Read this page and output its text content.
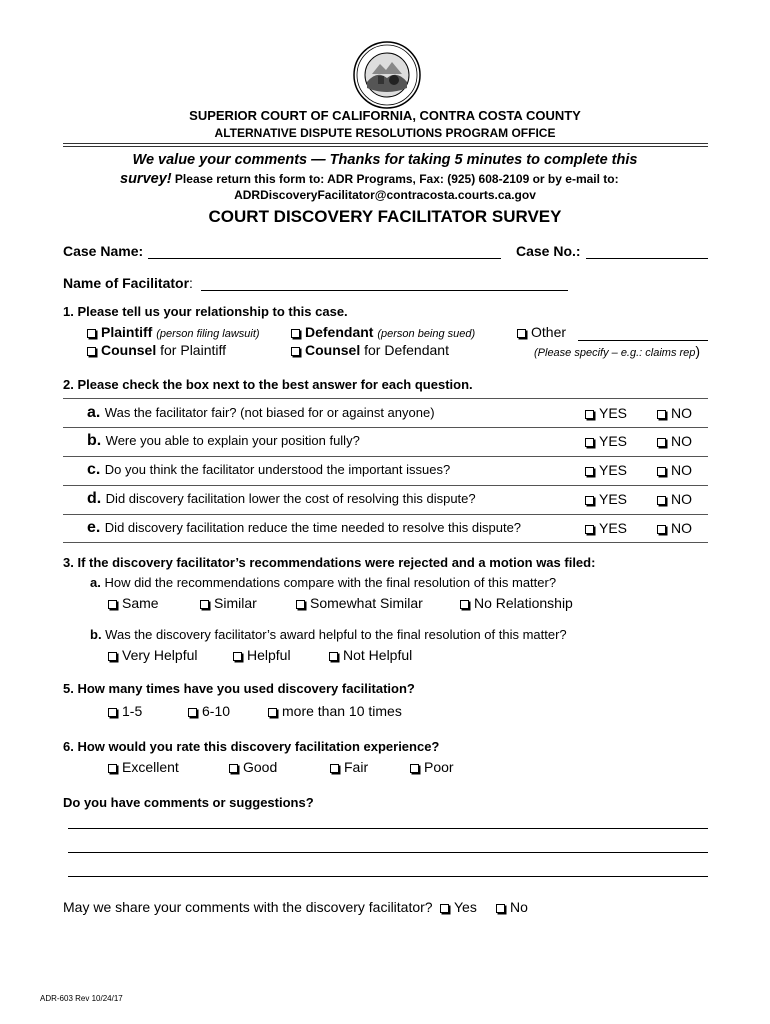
SUPERIOR COURT OF CALIFORNIA, CONTRA COSTA COUNTY
ALTERNATIVE DISPUTE RESOLUTIONS PROGRAM OFFICE
We value your comments — Thanks for taking 5 minutes to complete this
survey! Please return this form to: ADR Programs, Fax: (925) 608-2109 or by e-mail to:
ADRDiscoveryFacilitator@contracosta.courts.ca.gov
COURT DISCOVERY FACILITATOR SURVEY
Case Name:	Case No.:
Name of Facilitator:
1. Please tell us your relationship to this case.
Plaintiff (person filing lawsuit)	Defendant (person being sued)	Other
Counsel for Plaintiff	Counsel for Defendant	(Please specify – e.g.: claims rep)
2. Please check the box next to the best answer for each question.
a. Was the facilitator fair? (not biased for or against anyone)	YES	NO
b. Were you able to explain your position fully?	YES	NO
c. Do you think the facilitator understood the important issues?	YES	NO
d. Did discovery facilitation lower the cost of resolving this dispute?	YES	NO
e. Did discovery facilitation reduce the time needed to resolve this dispute?	YES	NO
3. If the discovery facilitator’s recommendations were rejected and a motion was filed:
a. How did the recommendations compare with the final resolution of this matter?
Same	Similar	Somewhat Similar	No Relationship
b. Was the discovery facilitator’s award helpful to the final resolution of this matter?
Very Helpful	Helpful	Not Helpful
5. How many times have you used discovery facilitation?
1-5	6-10	more than 10 times
6. How would you rate this discovery facilitation experience?
Excellent	Good	Fair	Poor
Do you have comments or suggestions?
May we share your comments with the discovery facilitator?	Yes	No
ADR-603 Rev 10/24/17
